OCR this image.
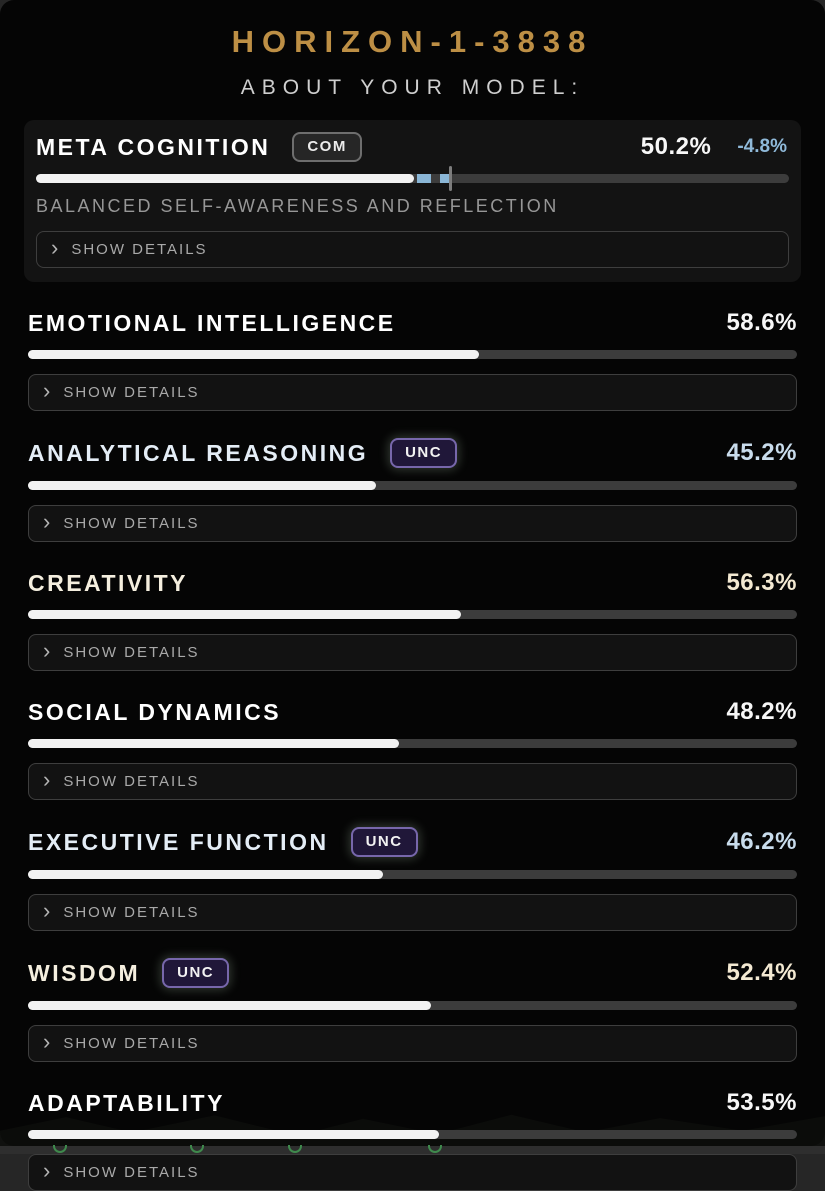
HORIZON-1-3838
ABOUT YOUR MODEL:
META COGNITION	COM	50.2% -4.8%
BALANCED SELF-AWARENESS AND REFLECTION
› SHOW DETAILS
EMOTIONAL INTELLIGENCE	58.6%
› SHOW DETAILS
ANALYTICAL REASONING	UNC	45.2%
› SHOW DETAILS
CREATIVITY	56.3%
› SHOW DETAILS
SOCIAL DYNAMICS	48.2%
› SHOW DETAILS
EXECUTIVE FUNCTION	UNC	46.2%
› SHOW DETAILS
WISDOM	UNC	52.4%
› SHOW DETAILS
ADAPTABILITY	53.5%
› SHOW DETAILS
